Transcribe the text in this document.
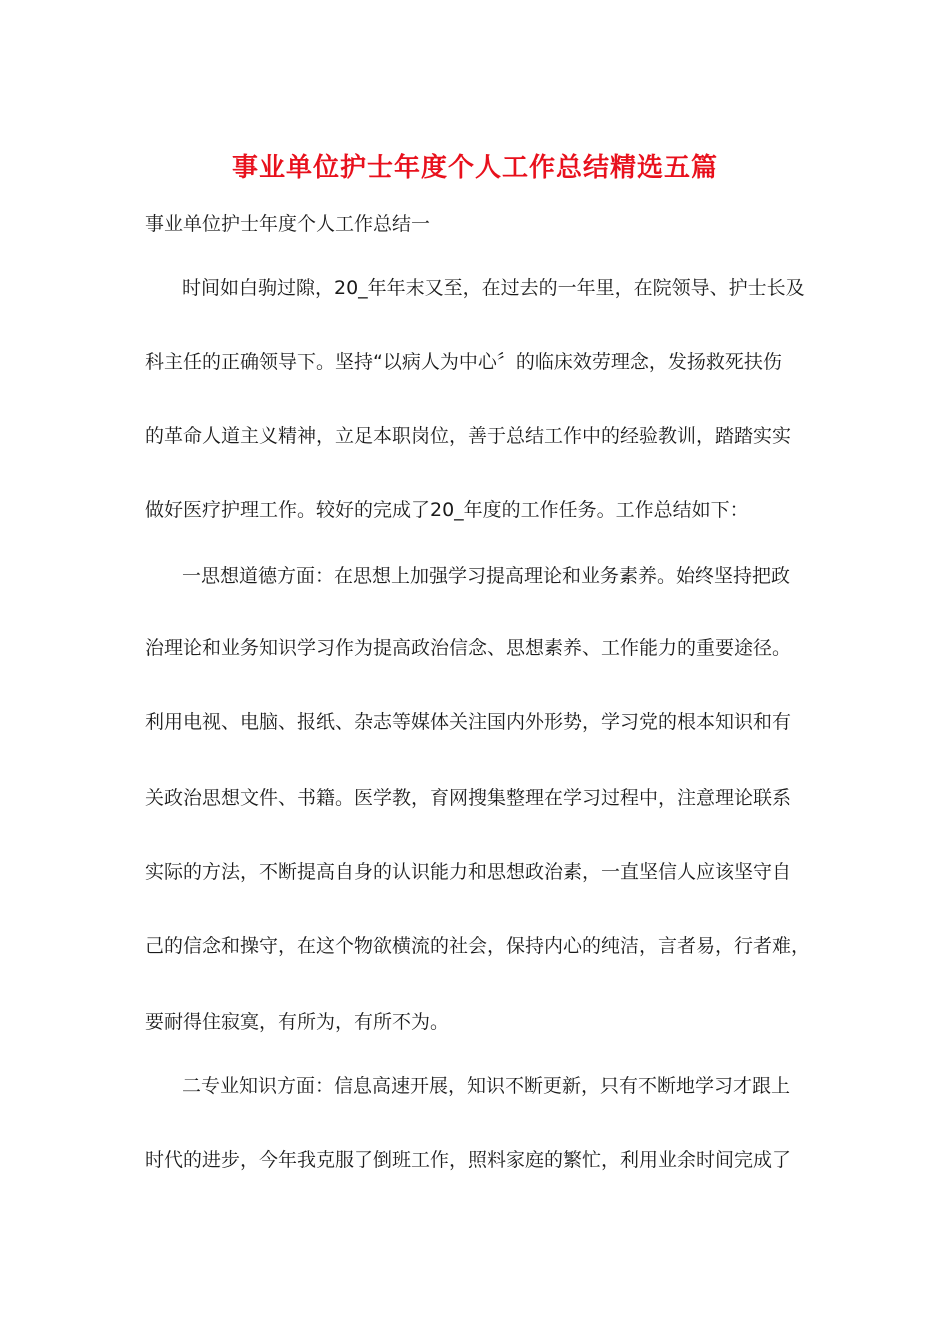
事业单位护士年度个人工作总结精选五篇
事业单位护士年度个人工作总结一
时间如白驹过隙，20_年年末又至，在过去的一年里，在院领导、护士长及
科主任的正确领导下。坚持“以病人为中心〞的临床效劳理念，发扬救死扶伤
的革命人道主义精神，立足本职岗位，善于总结工作中的经验教训，踏踏实实
做好医疗护理工作。较好的完成了20_年度的工作任务。工作总结如下：
一思想道德方面：在思想上加强学习提高理论和业务素养。始终坚持把政
治理论和业务知识学习作为提高政治信念、思想素养、工作能力的重要途径。
利用电视、电脑、报纸、杂志等媒体关注国内外形势，学习党的根本知识和有
关政治思想文件、书籍。医学教，育网搜集整理在学习过程中，注意理论联系
实际的方法，不断提高自身的认识能力和思想政治素，一直坚信人应该坚守自
己的信念和操守，在这个物欲横流的社会，保持内心的纯洁，言者易，行者难，
要耐得住寂寞，有所为，有所不为。
二专业知识方面：信息高速开展，知识不断更新，只有不断地学习才跟上
时代的进步，今年我克服了倒班工作，照料家庭的繁忙，利用业余时间完成了
